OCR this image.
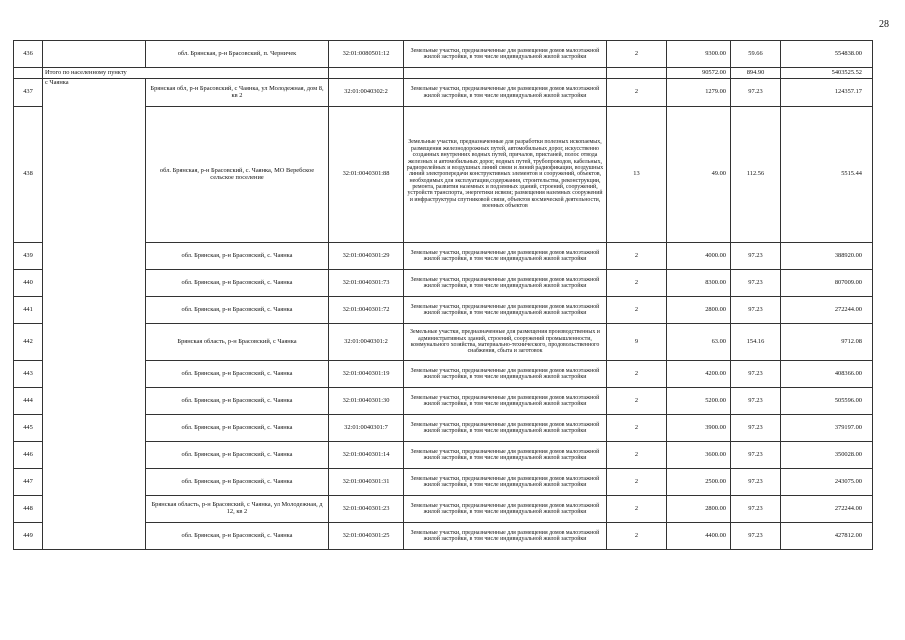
28
436		обл. Брянская, р-н Брасовский, п. Черничек	32:01:0080501:12	Земельные участки, предназначенные для размещения домов малоэтажной жилой застройки, в том числе индивидуальной жилой застройки	2	9300.00	59.66	554838.00
	Итого по населенному пункту					90572.00	894.90	5403525.52
437	с Чаянка	Брянская обл, р-н Брасовский, с Чаянка, ул Молодежная, дом 8, кв 2	32:01:0040302:2	Земельные участки, предназначенные для размещения домов малоэтажной жилой застройки, в том числе индивидуальной жилой застройки	2	1279.00	97.23	124357.17
438		обл. Брянская, р-н Брасовский, с. Чаянка, МО Веребское сельское поселение	32:01:0040301:88	Земельные участки, предназначенные для разработки полезных ископаемых, размещения железнодорожных путей, автомобильных дорог, искусственно созданных внутренних водных путей, причалов, пристаней, полос отвода железных и автомобильных дорог, водных путей, трубопроводов, кабельных, радиорелейных и воздушных линий связи и линий радиофикации, воздушных линий электропередачи конструктивных элементов и сооружений, объектов, необходимых для эксплуатации,содержания, строительства, реконструкции, ремонта, развития наземных и подземных зданий, строений, сооружений, устройств транспорта, энергетики исвязи; размещения наземных сооружений и инфраструктуры спутниковой связи, объектов космической деятельности, военных объектов	13	49.00	112.56	5515.44
439		обл. Брянская, р-н Брасовский, с. Чаянка	32:01:0040301:29	Земельные участки, предназначенные для размещения домов малоэтажной жилой застройки, в том числе индивидуальной жилой застройки	2	4000.00	97.23	388920.00
440		обл. Брянская, р-н Брасовский, с. Чаянка	32:01:0040301:73	Земельные участки, предназначенные для размещения домов малоэтажной жилой застройки, в том числе индивидуальной жилой застройки	2	8300.00	97.23	807009.00
441		обл. Брянская, р-н Брасовский, с. Чаянка	32:01:0040301:72	Земельные участки, предназначенные для размещения домов малоэтажной жилой застройки, в том числе индивидуальной жилой застройки	2	2800.00	97.23	272244.00
442		Брянская область, р-н Брасовский, с Чаянка	32:01:0040301:2	Земельные участки, предназначенные для размещения производственных и административных зданий, строений, сооружений промышленности, коммунального хозяйства, материально-технического, продовольственного снабжения, сбыта и заготовок	9	63.00	154.16	9712.08
443		обл. Брянская, р-н Брасовский, с. Чаянка	32:01:0040301:19	Земельные участки, предназначенные для размещения домов малоэтажной жилой застройки, в том числе индивидуальной жилой застройки	2	4200.00	97.23	408366.00
444		обл. Брянская, р-н Брасовский, с. Чаянка	32:01:0040301:30	Земельные участки, предназначенные для размещения домов малоэтажной жилой застройки, в том числе индивидуальной жилой застройки	2	5200.00	97.23	505596.00
445		обл. Брянская, р-н Брасовский, с. Чаянка	32:01:0040301:7	Земельные участки, предназначенные для размещения домов малоэтажной жилой застройки, в том числе индивидуальной жилой застройки	2	3900.00	97.23	379197.00
446		обл. Брянская, р-н Брасовский, с. Чаянка	32:01:0040301:14	Земельные участки, предназначенные для размещения домов малоэтажной жилой застройки, в том числе индивидуальной жилой застройки	2	3600.00	97.23	350028.00
447		обл. Брянская, р-н Брасовский, с. Чаянка	32:01:0040301:31	Земельные участки, предназначенные для размещения домов малоэтажной жилой застройки, в том числе индивидуальной жилой застройки	2	2500.00	97.23	243075.00
448		Брянская область, р-н Брасовский, с Чаянка, ул Молодежная, д 12, кв 2	32:01:0040301:23	Земельные участки, предназначенные для размещения домов малоэтажной жилой застройки, в том числе индивидуальной жилой застройки	2	2800.00	97.23	272244.00
449		обл. Брянская, р-н Брасовский, с. Чаянка	32:01:0040301:25	Земельные участки, предназначенные для размещения домов малоэтажной жилой застройки, в том числе индивидуальной жилой застройки	2	4400.00	97.23	427812.00
